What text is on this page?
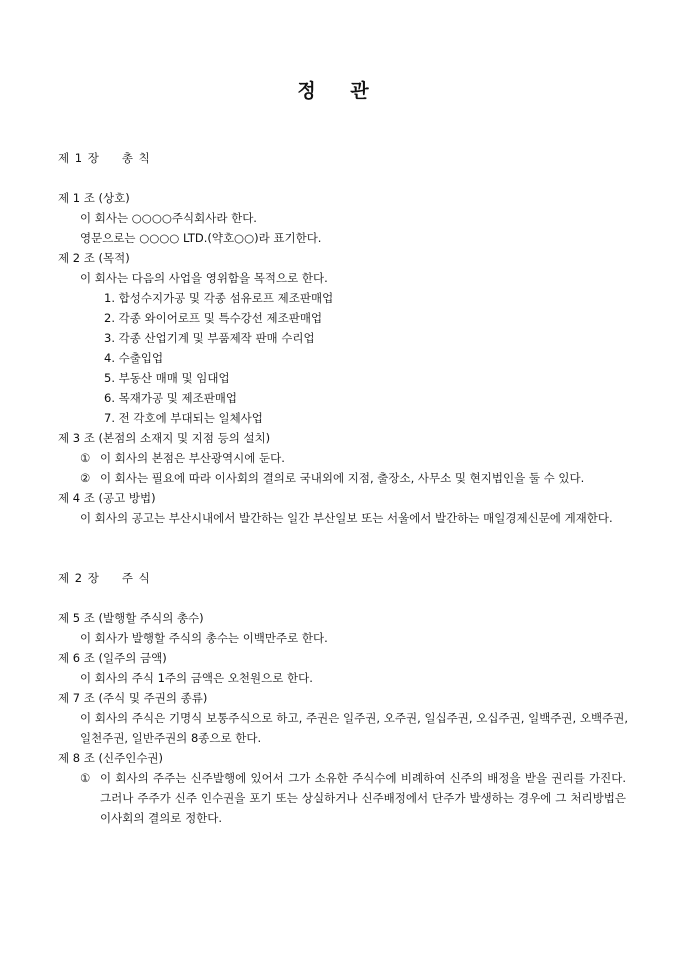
정 관
제 1 장 총 칙
제 1 조 (상호)
이 회사는 ○○○○주식회사라 한다.
영문으로는 ○○○○ LTD.(약호○○)라 표기한다.
제 2 조 (목적)
이 회사는 다음의 사업을 영위함을 목적으로 한다.
1. 합성수지가공 및 각종 섬유로프 제조판매업
2. 각종 와이어로프 및 특수강선 제조판매업
3. 각종 산업기계 및 부품제작 판매 수리업
4. 수출입업
5. 부동산 매매 및 임대업
6. 목재가공 및 제조판매업
7. 전 각호에 부대되는 일체사업
제 3 조 (본점의 소재지 및 지점 등의 설치)
① 이 회사의 본점은 부산광역시에 둔다.
② 이 회사는 필요에 따라 이사회의 결의로 국내외에 지점, 출장소, 사무소 및 현지법인을 둘 수 있다.
제 4 조 (공고 방법)
이 회사의 공고는 부산시내에서 발간하는 일간 부산일보 또는 서울에서 발간하는 매일경제신문에 게재한다.
제 2 장 주 식
제 5 조 (발행할 주식의 총수)
이 회사가 발행할 주식의 총수는 이백만주로 한다.
제 6 조 (일주의 금액)
이 회사의 주식 1주의 금액은 오천원으로 한다.
제 7 조 (주식 및 주권의 종류)
이 회사의 주식은 기명식 보통주식으로 하고, 주권은 일주권, 오주권, 일십주권, 오십주권, 일백주권, 오백주권, 일천주권, 일반주권의 8종으로 한다.
제 8 조 (신주인수권)
① 이 회사의 주주는 신주발행에 있어서 그가 소유한 주식수에 비례하여 신주의 배정을 받을 권리를 가진다. 그러나 주주가 신주 인수권을 포기 또는 상실하거나 신주배정에서 단주가 발생하는 경우에 그 처리방법은 이사회의 결의로 정한다.
